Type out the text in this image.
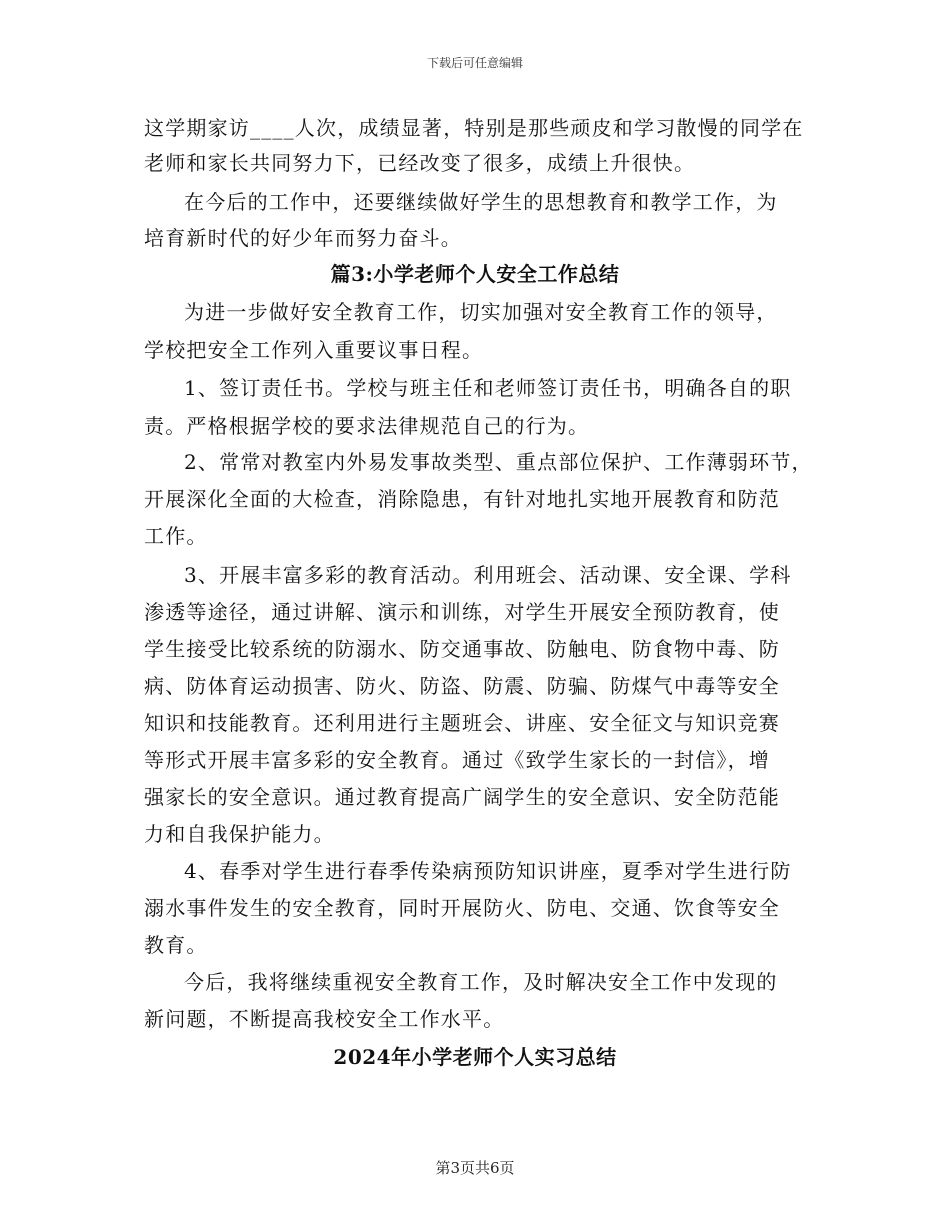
下载后可任意编辑
这学期家访____人次，成绩显著，特别是那些顽皮和学习散慢的同学在
老师和家长共同努力下，已经改变了很多，成绩上升很快。
在今后的工作中，还要继续做好学生的思想教育和教学工作，为
培育新时代的好少年而努力奋斗。
篇3:小学老师个人安全工作总结
为进一步做好安全教育工作，切实加强对安全教育工作的领导，
学校把安全工作列入重要议事日程。
1、签订责任书。学校与班主任和老师签订责任书，明确各自的职
责。严格根据学校的要求法律规范自己的行为。
2、常常对教室内外易发事故类型、重点部位保护、工作薄弱环节，
开展深化全面的大检查，消除隐患，有针对地扎实地开展教育和防范
工作。
3、开展丰富多彩的教育活动。利用班会、活动课、安全课、学科
渗透等途径，通过讲解、演示和训练，对学生开展安全预防教育，使
学生接受比较系统的防溺水、防交通事故、防触电、防食物中毒、防
病、防体育运动损害、防火、防盗、防震、防骗、防煤气中毒等安全
知识和技能教育。还利用进行主题班会、讲座、安全征文与知识竞赛
等形式开展丰富多彩的安全教育。通过《致学生家长的一封信》，增
强家长的安全意识。通过教育提高广阔学生的安全意识、安全防范能
力和自我保护能力。
4、春季对学生进行春季传染病预防知识讲座，夏季对学生进行防
溺水事件发生的安全教育，同时开展防火、防电、交通、饮食等安全
教育。
今后，我将继续重视安全教育工作，及时解决安全工作中发现的
新问题，不断提高我校安全工作水平。
2024年小学老师个人实习总结
第3页共6页
